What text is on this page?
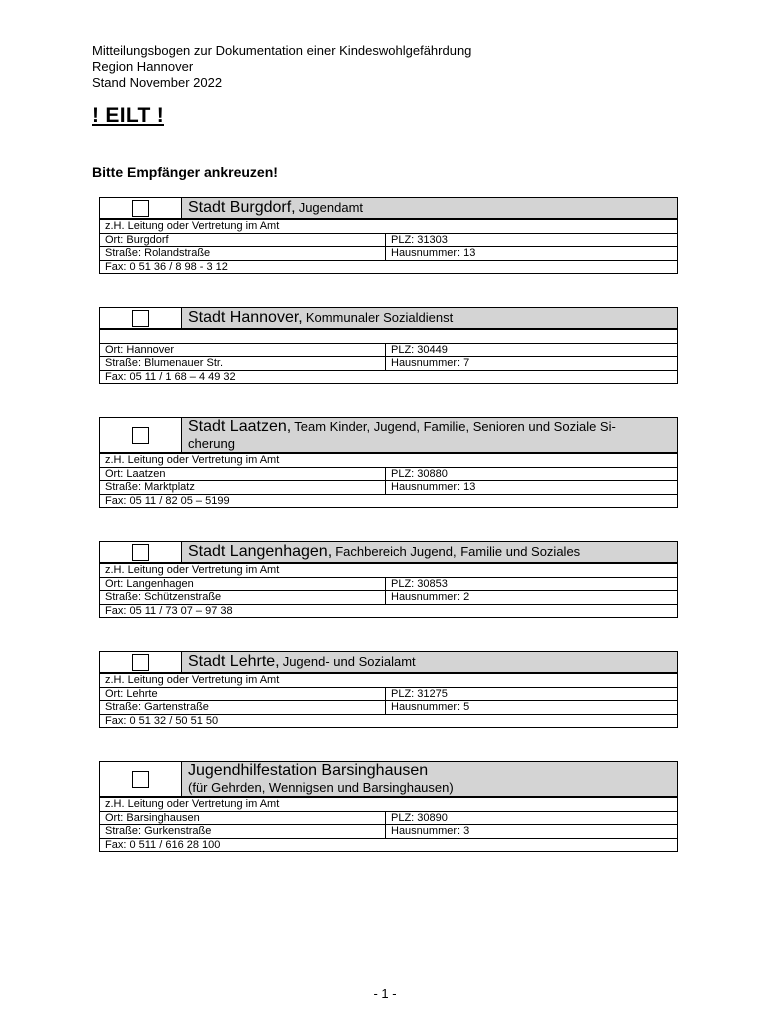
Mitteilungsbogen zur Dokumentation einer Kindeswohlgefährdung
Region Hannover
Stand November 2022
! EILT !
Bitte Empfänger ankreuzen!
Stadt Burgdorf, Jugendamt
z.H. Leitung oder Vertretung im Amt
Ort: Burgdorf	PLZ: 31303
Straße: Rolandstraße	Hausnummer: 13
Fax: 0 51 36 / 8 98 - 3 12
Stadt Hannover, Kommunaler Sozialdienst
Ort: Hannover	PLZ: 30449
Straße: Blumenauer Str.	Hausnummer: 7
Fax: 05 11 / 1 68 – 4 49 32
Stadt Laatzen, Team Kinder, Jugend, Familie, Senioren und Soziale Si-
cherung
z.H. Leitung oder Vertretung im Amt
Ort: Laatzen	PLZ: 30880
Straße: Marktplatz	Hausnummer: 13
Fax: 05 11 / 82 05 – 5199
Stadt Langenhagen, Fachbereich Jugend, Familie und Soziales
z.H. Leitung oder Vertretung im Amt
Ort: Langenhagen	PLZ: 30853
Straße: Schützenstraße	Hausnummer: 2
Fax: 05 11 / 73 07 – 97 38
Stadt Lehrte, Jugend- und Sozialamt
z.H. Leitung oder Vertretung im Amt
Ort: Lehrte	PLZ: 31275
Straße: Gartenstraße	Hausnummer: 5
Fax: 0 51 32 / 50 51 50
Jugendhilfestation Barsinghausen
(für Gehrden, Wennigsen und Barsinghausen)
z.H. Leitung oder Vertretung im Amt
Ort: Barsinghausen	PLZ: 30890
Straße: Gurkenstraße	Hausnummer: 3
Fax: 0 511 / 616 28 100
- 1 -
